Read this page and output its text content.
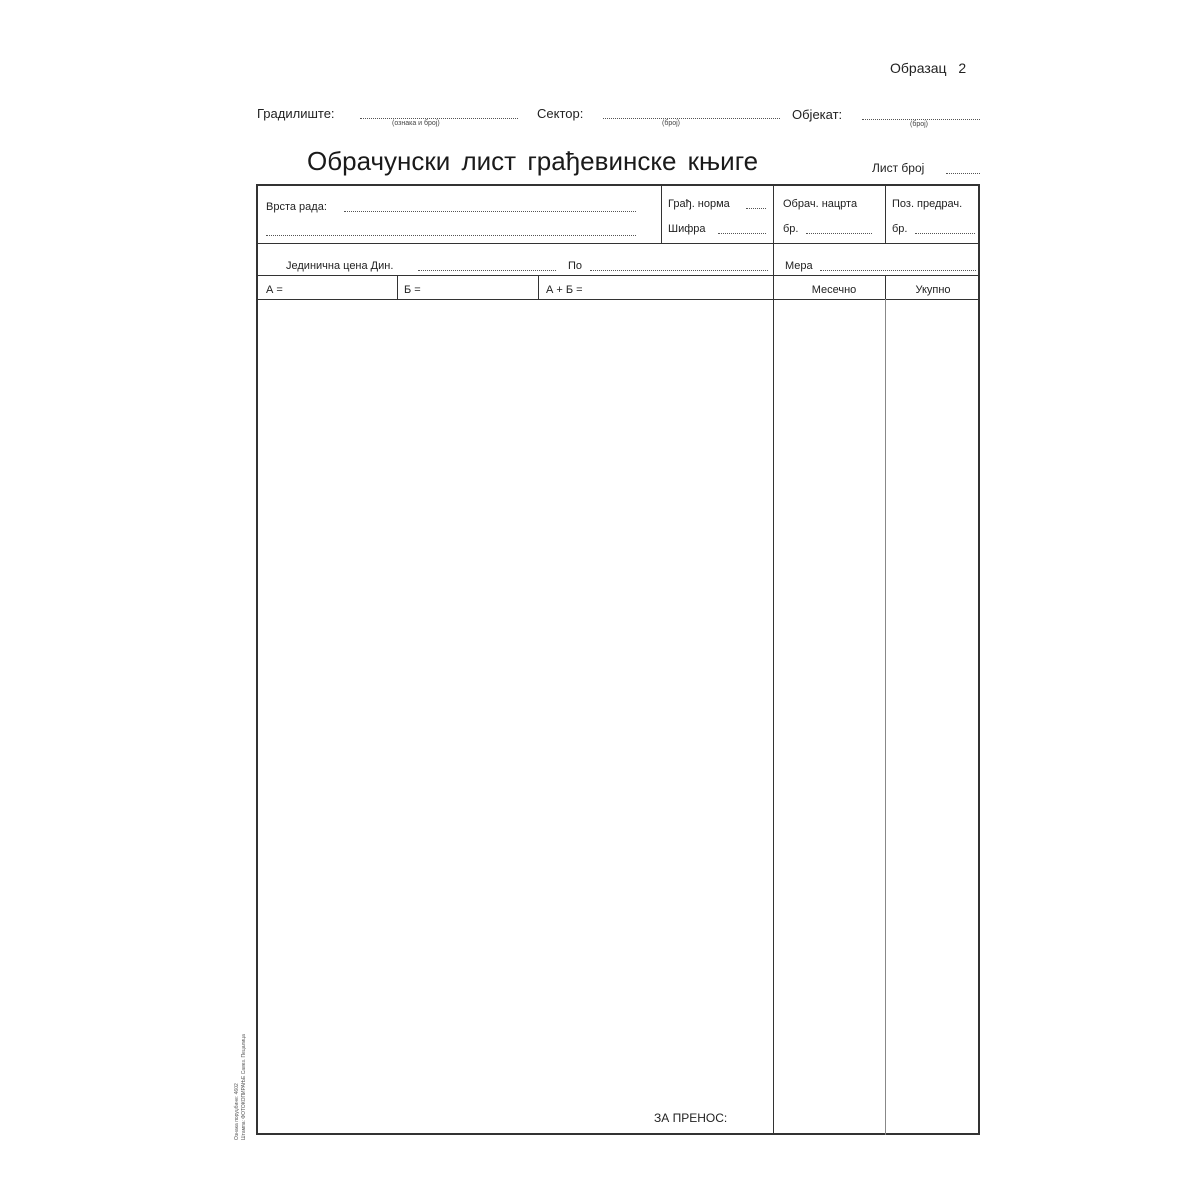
Образац 2
Градилиште:
(ознака и број)
Сектор:
(број)
Објекат:
(број)
Обрачунски лист грађевинске књиге	Лист број
Врста рада:	Грађ. норма
Шифра
Обрач. нацрта
бр.
Поз. предрач.
бр.
Јединична цена Дин.	По	Мера
А =	Б =	А + Б =	Месечно	Укупно
ЗА ПРЕНОС:
Ознака поруџбине: 4602 Штампа: ФОТОКОПИРАЊЕ Савез. Пецалица
